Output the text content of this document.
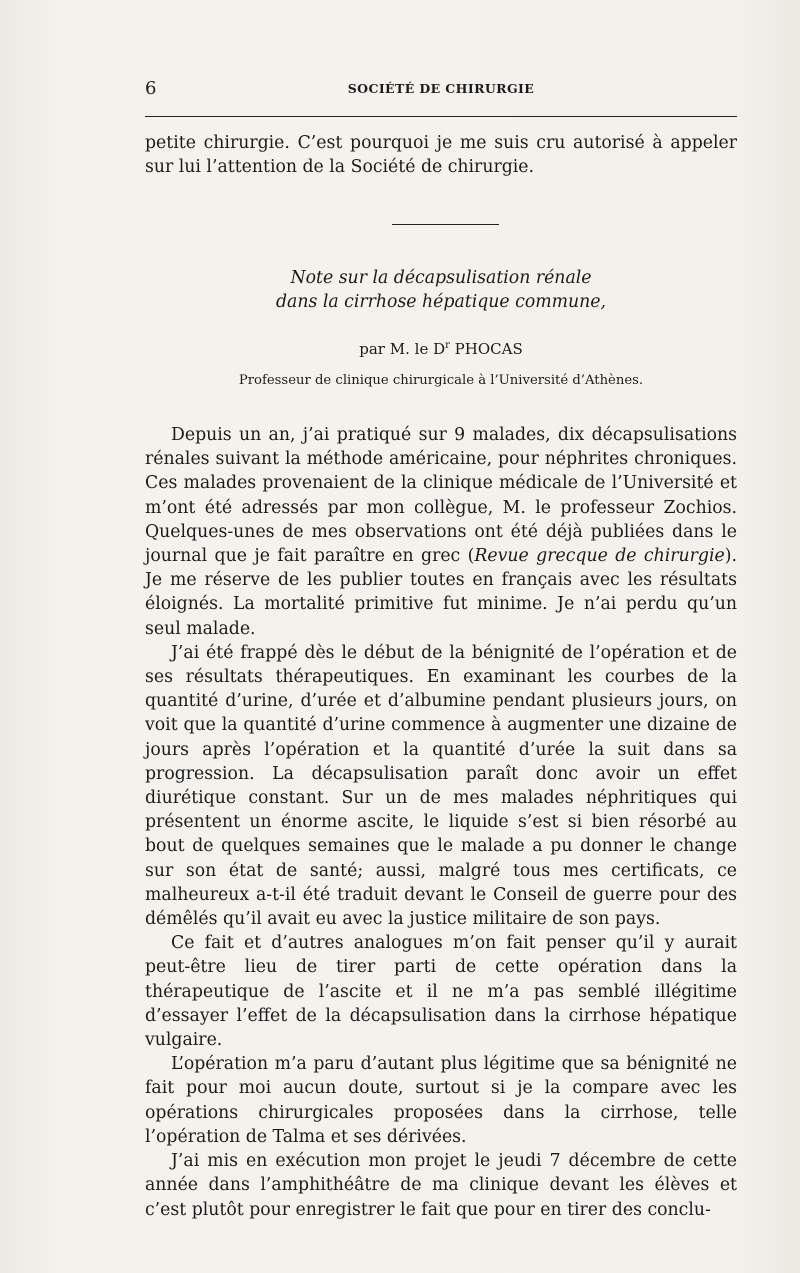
6	SOCIÉTÉ DE CHIRURGIE

petite chirurgie. C’est pourquoi je me suis cru autorisé à appeler sur lui l’attention de la Société de chirurgie.

Note sur la décapsulisation rénale
dans la cirrhose hépatique commune,
par M. le $D^r$ PHOCAS
Professeur de clinique chirurgicale à l’Université d’Athènes.

Depuis un an, j’ai pratiqué sur 9 malades, dix décapsulisations rénales suivant la méthode américaine, pour néphrites chroniques. Ces malades provenaient de la clinique médicale de l’Université et m’ont été adressés par mon collègue, M. le professeur Zochios. Quelques-unes de mes observations ont été déjà publiées dans le journal que je fait paraître en grec (Revue grecque de chirurgie). Je me réserve de les publier toutes en français avec les résultats éloignés. La mortalité primitive fut minime. Je n’ai perdu qu’un seul malade.

J’ai été frappé dès le début de la bénignité de l’opération et de ses résultats thérapeutiques. En examinant les courbes de la quantité d’urine, d’urée et d’albumine pendant plusieurs jours, on voit que la quantité d’urine commence à augmenter une dizaine de jours après l’opération et la quantité d’urée la suit dans sa progression. La décapsulisation paraît donc avoir un effet diurétique constant. Sur un de mes malades néphritiques qui présentent un énorme ascite, le liquide s’est si bien résorbé au bout de quelques semaines que le malade a pu donner le change sur son état de santé; aussi, malgré tous mes certificats, ce malheureux a-t-il été traduit devant le Conseil de guerre pour des démêlés qu’il avait eu avec la justice militaire de son pays.

Ce fait et d’autres analogues m’on fait penser qu’il y aurait peut-être lieu de tirer parti de cette opération dans la thérapeutique de l’ascite et il ne m’a pas semblé illégitime d’essayer l’effet de la décapsulisation dans la cirrhose hépatique vulgaire.

L’opération m’a paru d’autant plus légitime que sa bénignité ne fait pour moi aucun doute, surtout si je la compare avec les opérations chirurgicales proposées dans la cirrhose, telle l’opération de Talma et ses dérivées.

J’ai mis en exécution mon projet le jeudi 7 décembre de cette année dans l’amphithéâtre de ma clinique devant les élèves et c’est plutôt pour enregistrer le fait que pour en tirer des conclu-
